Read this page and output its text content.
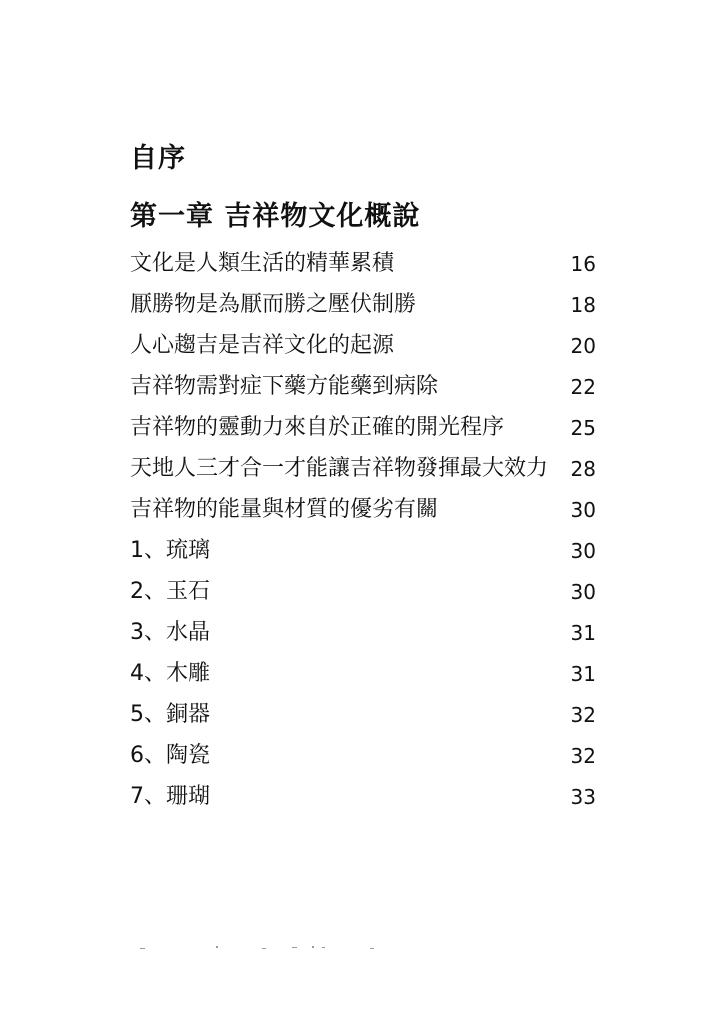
自序
第一章 吉祥物文化概說
文化是人類生活的精華累積	16
厭勝物是為厭而勝之壓伏制勝	18
人心趨吉是吉祥文化的起源	20
吉祥物需對症下藥方能藥到病除	22
吉祥物的靈動力來自於正確的開光程序	25
天地人三才合一才能讓吉祥物發揮最大效力 28
吉祥物的能量與材質的優劣有關	30
1、琉璃	30
2、玉石	30
3、水晶	31
4、木雕	31
5、銅器	32
6、陶瓷	32
7、珊瑚	33
